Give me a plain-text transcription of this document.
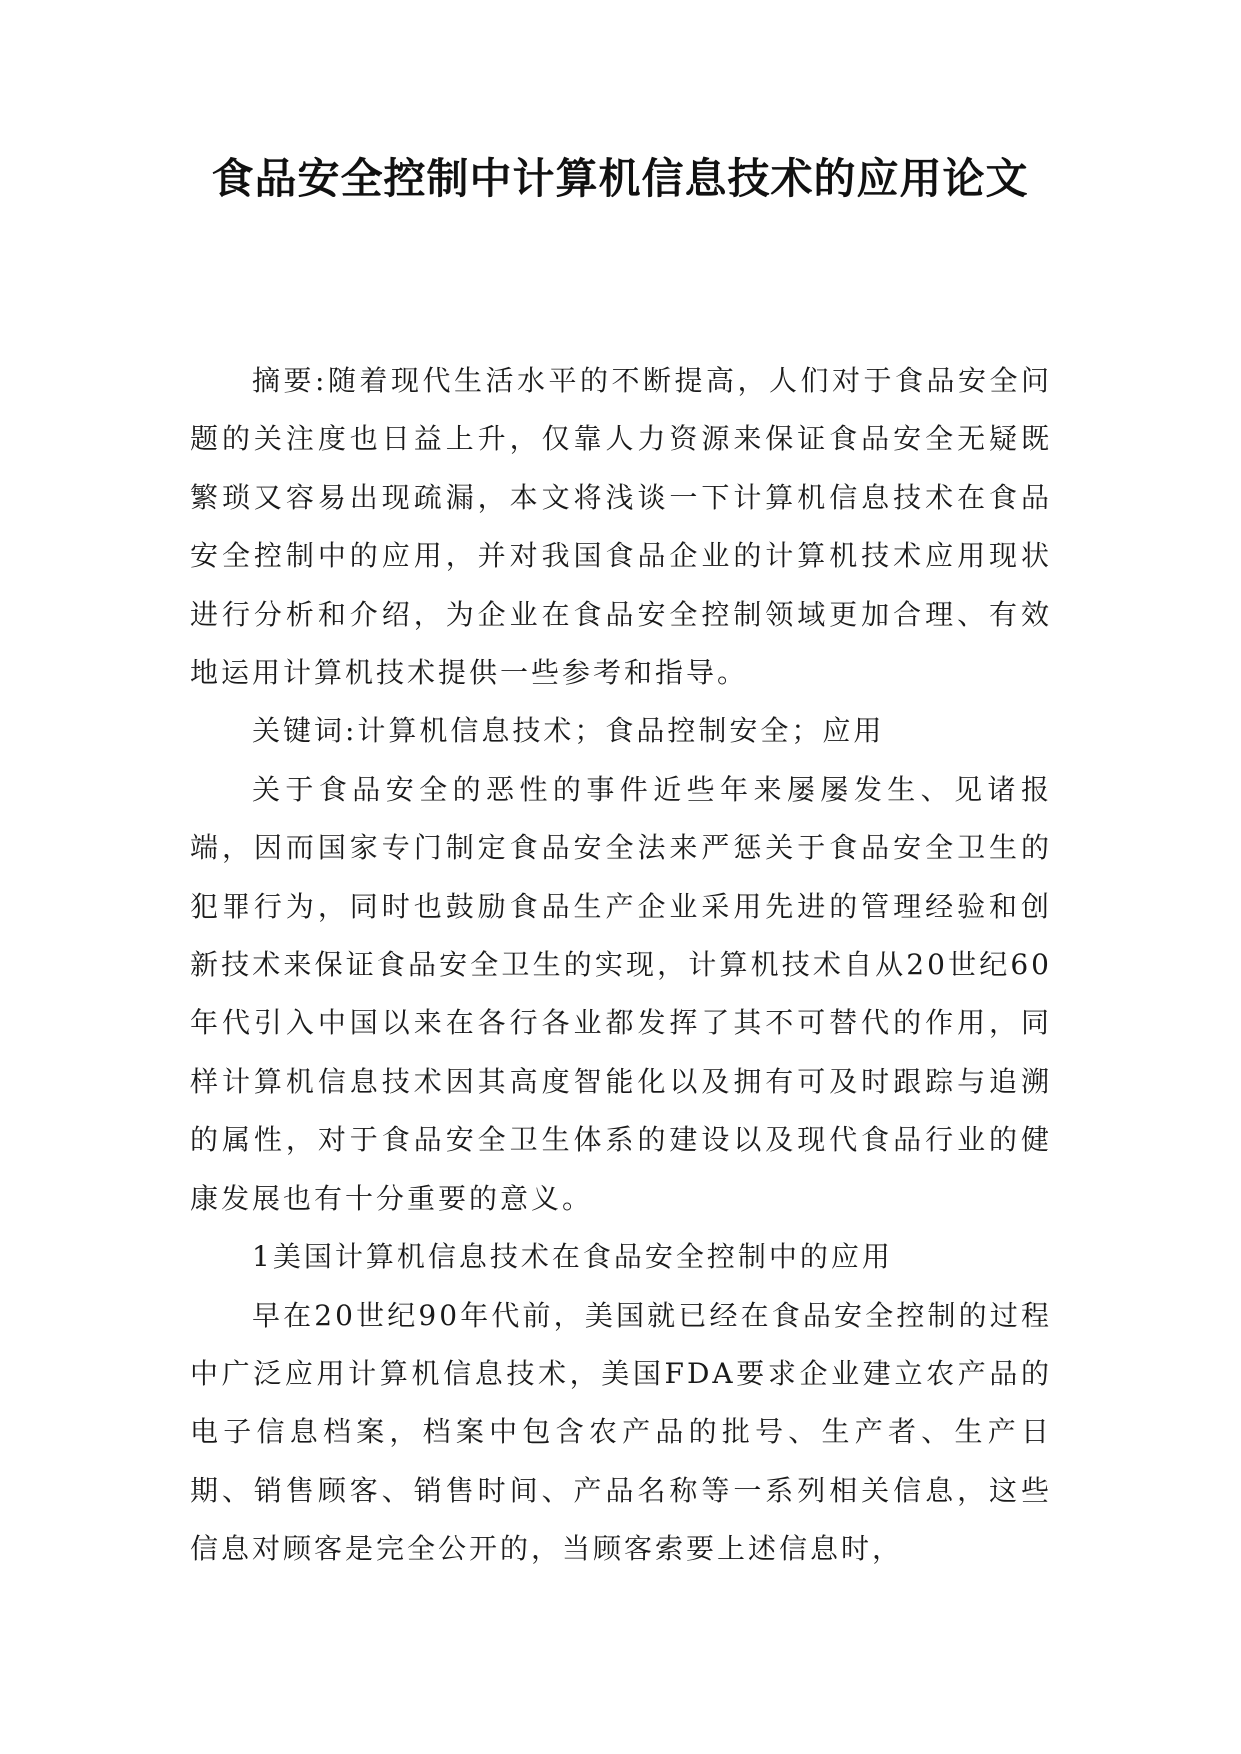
食品安全控制中计算机信息技术的应用论文

摘要:随着现代生活水平的不断提高，人们对于食品安全问题的关注度也日益上升，仅靠人力资源来保证食品安全无疑既繁琐又容易出现疏漏，本文将浅谈一下计算机信息技术在食品安全控制中的应用，并对我国食品企业的计算机技术应用现状进行分析和介绍，为企业在食品安全控制领域更加合理、有效地运用计算机技术提供一些参考和指导。

关键词:计算机信息技术；食品控制安全；应用

关于食品安全的恶性的事件近些年来屡屡发生、见诸报端，因而国家专门制定食品安全法来严惩关于食品安全卫生的犯罪行为，同时也鼓励食品生产企业采用先进的管理经验和创新技术来保证食品安全卫生的实现，计算机技术自从20世纪60年代引入中国以来在各行各业都发挥了其不可替代的作用，同样计算机信息技术因其高度智能化以及拥有可及时跟踪与追溯的属性，对于食品安全卫生体系的建设以及现代食品行业的健康发展也有十分重要的意义。

1美国计算机信息技术在食品安全控制中的应用

早在20世纪90年代前，美国就已经在食品安全控制的过程中广泛应用计算机信息技术，美国FDA要求企业建立农产品的电子信息档案，档案中包含农产品的批号、生产者、生产日期、销售顾客、销售时间、产品名称等一系列相关信息，这些信息对顾客是完全公开的，当顾客索要上述信息时，
